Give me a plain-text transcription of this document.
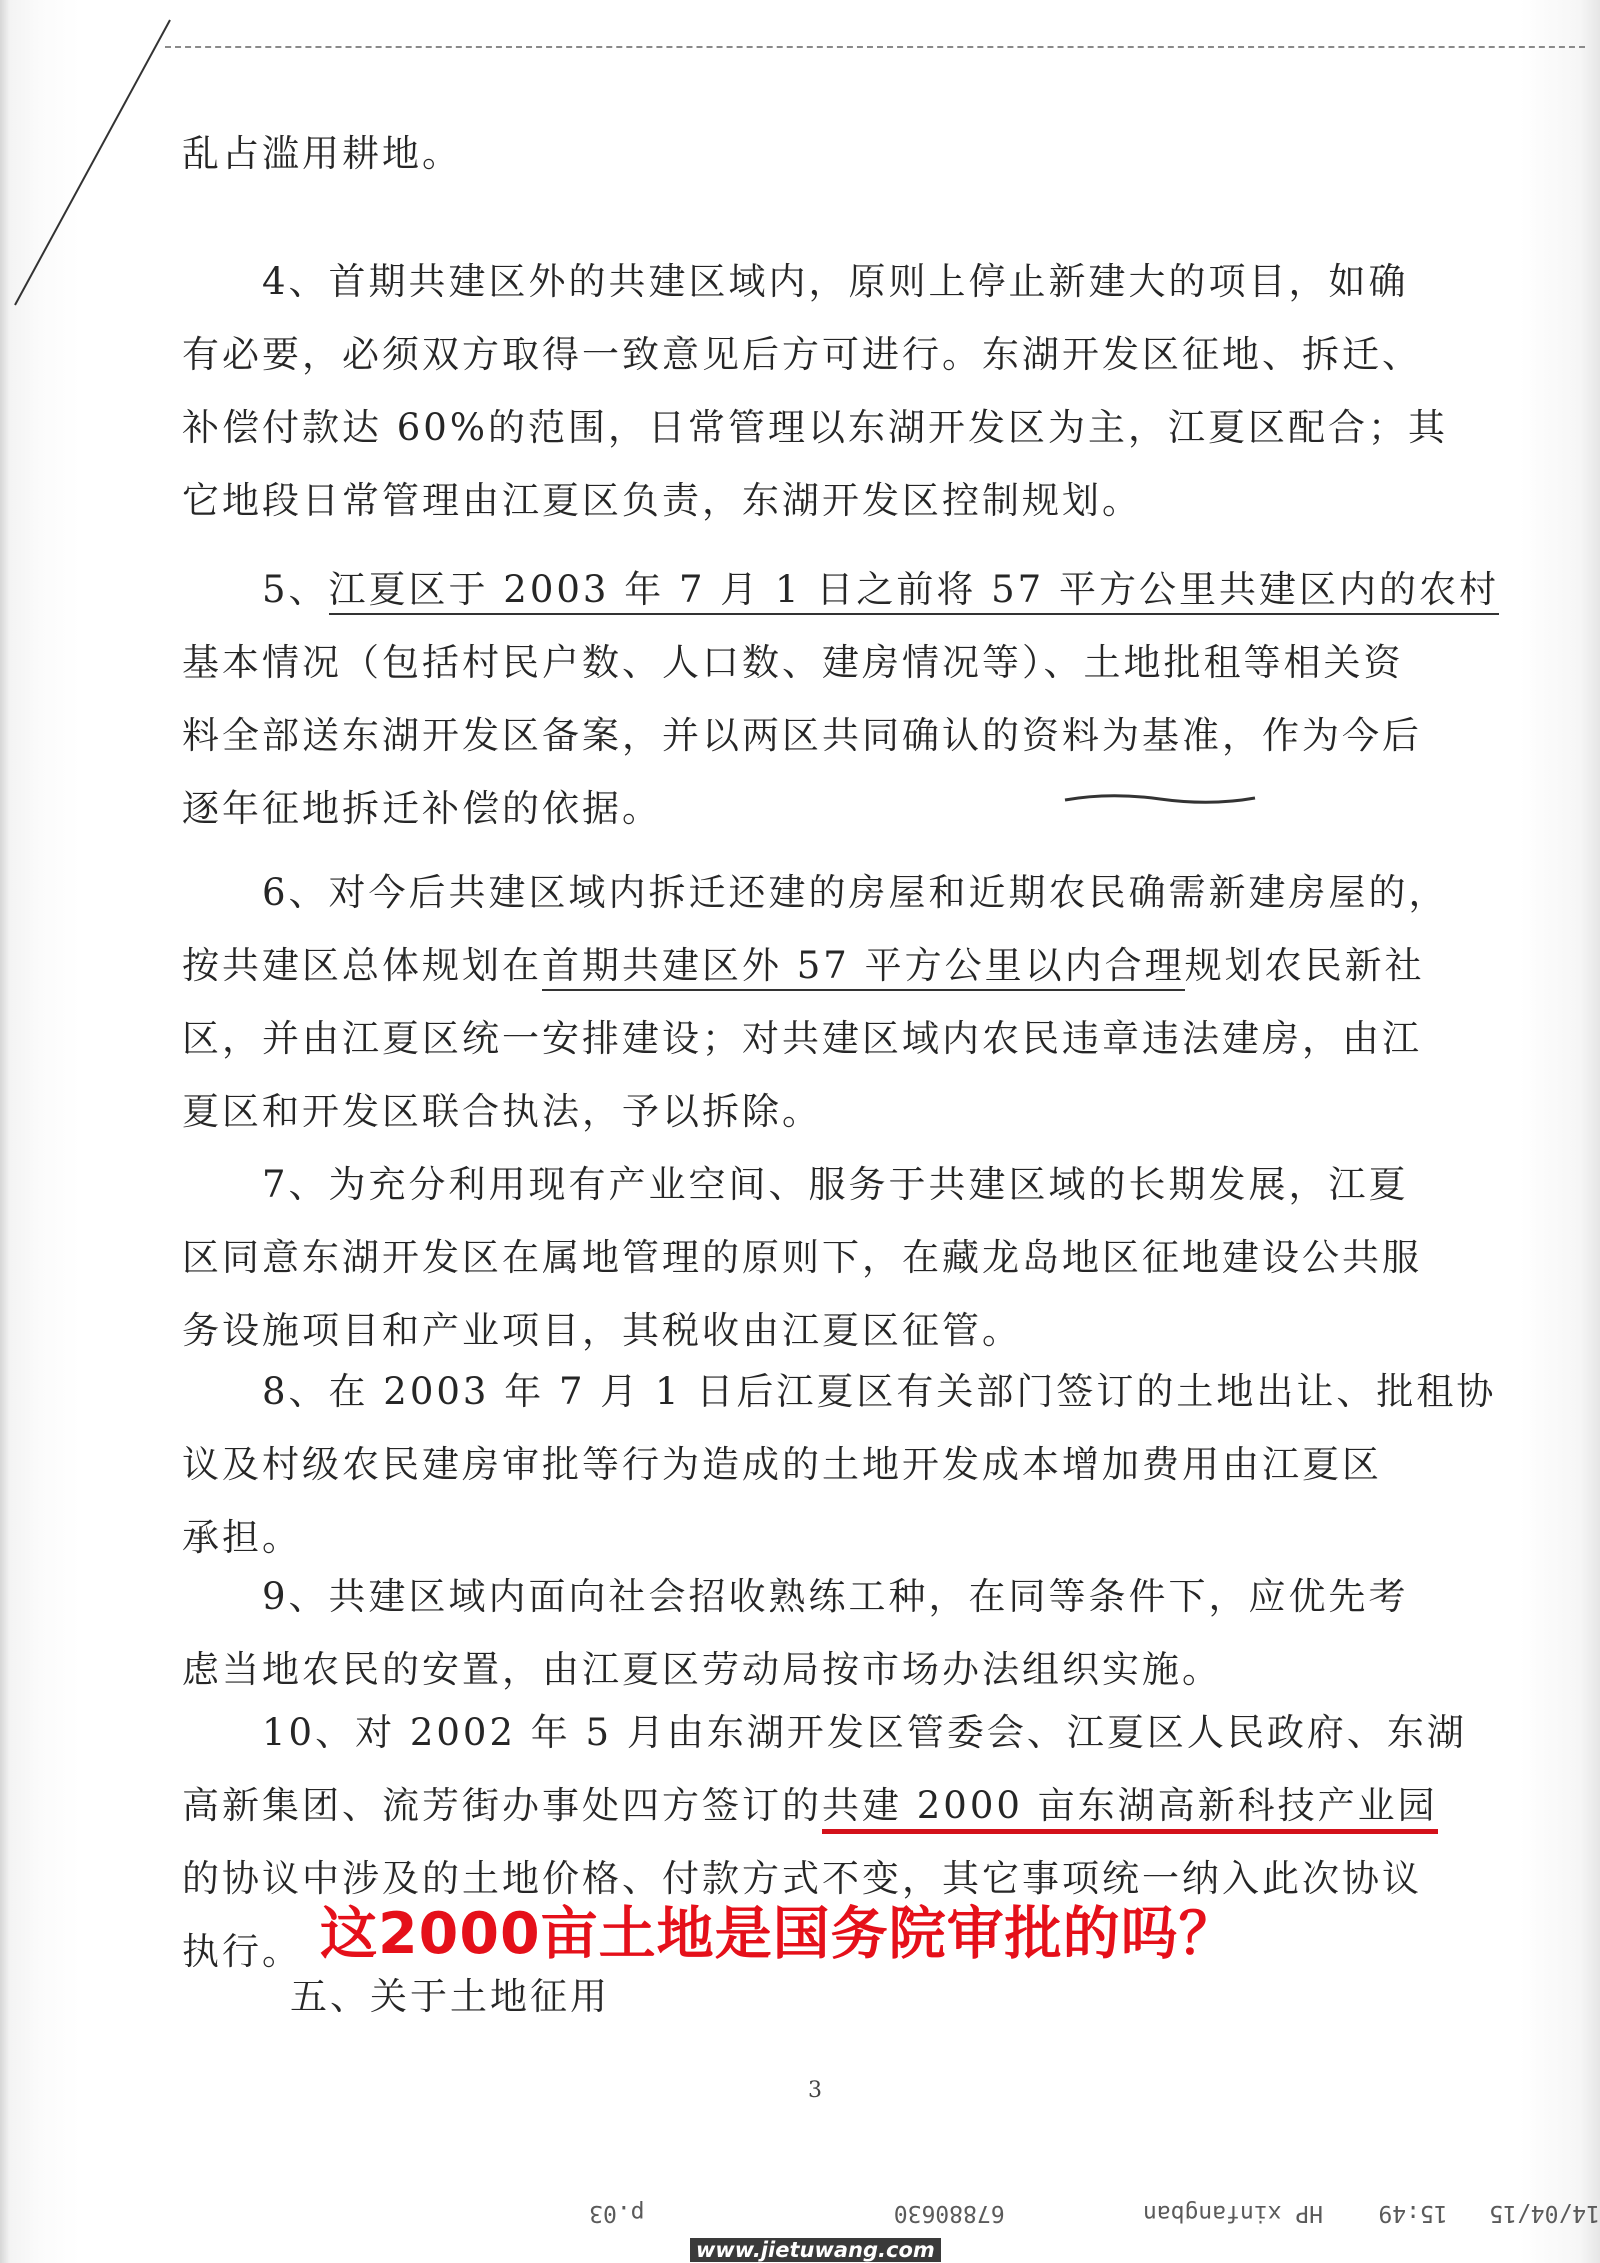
乱占滥用耕地。

4、首期共建区外的共建区域内，原则上停止新建大的项目，如确
有必要，必须双方取得一致意见后方可进行。东湖开发区征地、拆迁、
补偿付款达 60%的范围，日常管理以东湖开发区为主，江夏区配合；其
它地段日常管理由江夏区负责，东湖开发区控制规划。

5、江夏区于 2003 年 7 月 1 日之前将 57 平方公里共建区内的农村
基本情况（包括村民户数、人口数、建房情况等）、土地批租等相关资
料全部送东湖开发区备案，并以两区共同确认的资料为基准，作为今后
逐年征地拆迁补偿的依据。

6、对今后共建区域内拆迁还建的房屋和近期农民确需新建房屋的，
按共建区总体规划在首期共建区外 57 平方公里以内合理规划农民新社
区，并由江夏区统一安排建设；对共建区域内农民违章违法建房，由江
夏区和开发区联合执法，予以拆除。

7、为充分利用现有产业空间、服务于共建区域的长期发展，江夏
区同意东湖开发区在属地管理的原则下，在藏龙岛地区征地建设公共服
务设施项目和产业项目，其税收由江夏区征管。

8、在 2003 年 7 月 1 日后江夏区有关部门签订的土地出让、批租协
议及村级农民建房审批等行为造成的土地开发成本增加费用由江夏区
承担。

9、共建区域内面向社会招收熟练工种，在同等条件下，应优先考
虑当地农民的安置，由江夏区劳动局按市场办法组织实施。

10、对 2002 年 5 月由东湖开发区管委会、江夏区人民政府、东湖
高新集团、流芳街办事处四方签订的共建 2000 亩东湖高新科技产业园
的协议中涉及的土地价格、付款方式不变，其它事项统一纳入此次协议
执行。 这2000亩土地是国务院审批的吗？

五、关于土地征用

3
14/04/15   15:49    HP xinfangban          67880630                  p.03
www.jietuwang.com
